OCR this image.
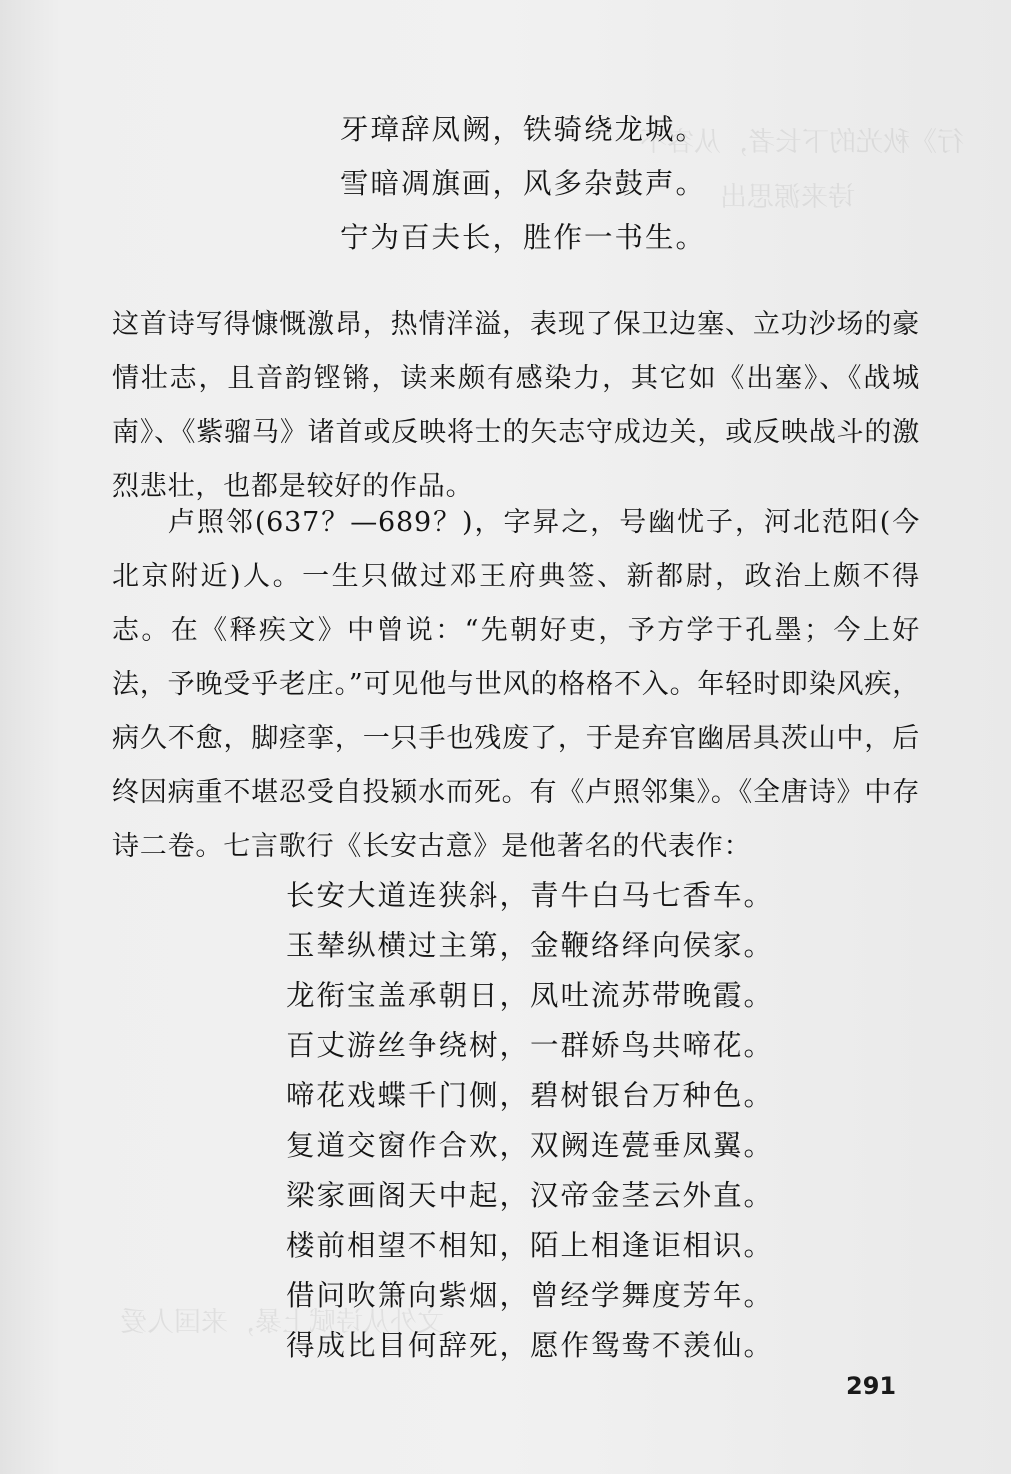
行》秋光的下长者，从容不
诗来源思出
文外从诗赋上暴，来国人爱
牙璋辞凤阙，铁骑绕龙城。
雪暗凋旗画，风多杂鼓声。
宁为百夫长，胜作一书生。

这首诗写得慷慨激昂，热情洋溢，表现了保卫边塞、立功沙场的豪情壮志，且音韵铿锵，读来颇有感染力，其它如《出塞》、《战城南》、《紫骝马》诸首或反映将士的矢志守成边关，或反映战斗的激烈悲壮，也都是较好的作品。

卢照邻(637？—689？)，字昇之，号幽忧子，河北范阳(今北京附近)人。一生只做过邓王府典签、新都尉，政治上颇不得志。在《释疾文》中曾说：“先朝好吏，予方学于孔墨；今上好法，予晚受乎老庄。”可见他与世风的格格不入。年轻时即染风疾，病久不愈，脚痉挛，一只手也残废了，于是弃官幽居具茨山中，后终因病重不堪忍受自投颍水而死。有《卢照邻集》。《全唐诗》中存诗二卷。七言歌行《长安古意》是他著名的代表作：

长安大道连狭斜，青牛白马七香车。
玉辇纵横过主第，金鞭络绎向侯家。
龙衔宝盖承朝日，凤吐流苏带晚霞。
百丈游丝争绕树，一群娇鸟共啼花。
啼花戏蝶千门侧，碧树银台万种色。
复道交窗作合欢，双阙连甍垂凤翼。
梁家画阁天中起，汉帝金茎云外直。
楼前相望不相知，陌上相逢讵相识。
借问吹箫向紫烟，曾经学舞度芳年。
得成比目何辞死，愿作鸳鸯不羡仙。
291
